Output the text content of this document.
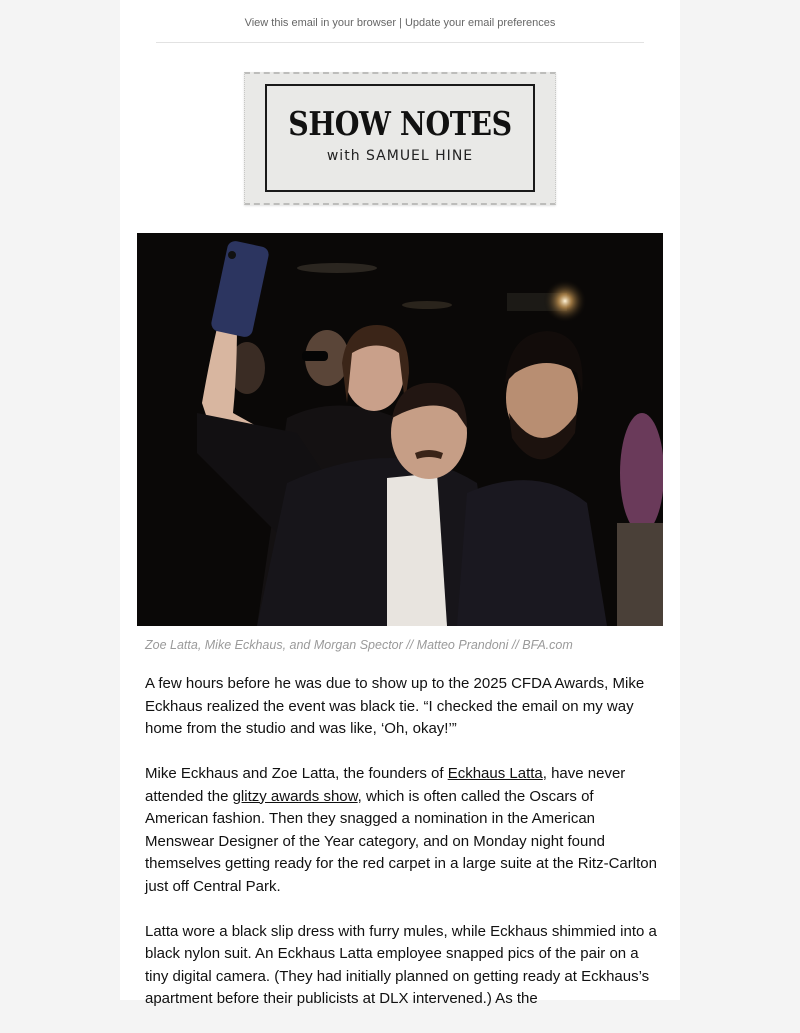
View this email in your browser | Update your email preferences
SHOW NOTES
with SAMUEL HINE
Zoe Latta, Mike Eckhaus, and Morgan Spector // Matteo Prandoni // BFA.com

A few hours before he was due to show up to the 2025 CFDA Awards, Mike Eckhaus realized the event was black tie. “I checked the email on my way home from the studio and was like, ‘Oh, okay!’”

Mike Eckhaus and Zoe Latta, the founders of Eckhaus Latta, have never attended the glitzy awards show, which is often called the Oscars of American fashion. Then they snagged a nomination in the American Menswear Designer of the Year category, and on Monday night found themselves getting ready for the red carpet in a large suite at the Ritz-Carlton just off Central Park.

Latta wore a black slip dress with furry mules, while Eckhaus shimmied into a black nylon suit. An Eckhaus Latta employee snapped pics of the pair on a tiny digital camera. (They had initially planned on getting ready at Eckhaus’s apartment before their publicists at DLX intervened.) As the
